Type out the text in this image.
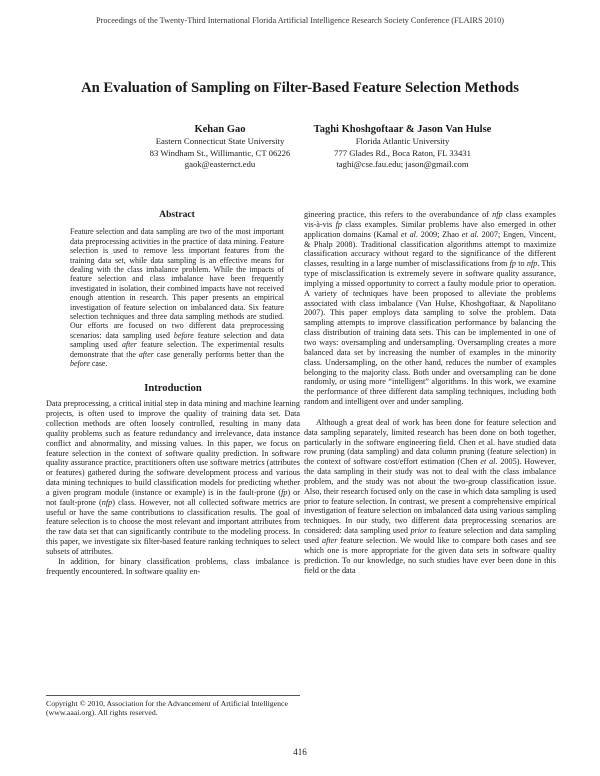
Proceedings of the Twenty-Third International Florida Artificial Intelligence Research Society Conference (FLAIRS 2010)
An Evaluation of Sampling on Filter-Based Feature Selection Methods
Kehan Gao
Eastern Connecticut State University
83 Windham St., Willimantic, CT 06226
gaok@easternct.edu
Taghi Khoshgoftaar & Jason Van Hulse
Florida Atlantic University
777 Glades Rd., Boca Raton, FL 33431
taghi@cse.fau.edu; jason@gmail.com
Abstract

Feature selection and data sampling are two of the most important data preprocessing activities in the practice of data mining. Feature selection is used to remove less important features from the training data set, while data sampling is an effective means for dealing with the class imbalance problem. While the impacts of feature selection and class imbalance have been frequently investigated in isolation, their combined impacts have not received enough attention in research. This paper presents an empirical investigation of feature selection on imbalanced data. Six feature selection techniques and three data sampling methods are studied. Our efforts are focused on two different data preprocessing scenarios: data sampling used before feature selection and data sampling used after feature selection. The experimental results demonstrate that the after case generally performs better than the before case.

Introduction

Data preprocessing, a critical initial step in data mining and machine learning projects, is often used to improve the quality of training data set. Data collection methods are often loosely controlled, resulting in many data quality problems such as feature redundancy and irrelevance, data instance conflict and abnormality, and missing values. In this paper, we focus on feature selection in the context of software quality prediction. In software quality assurance practice, practitioners often use software metrics (attributes or features) gathered during the software development process and various data mining techniques to build classification models for predicting whether a given program module (instance or example) is in the fault-prone (fp) or not fault-prone (nfp) class. However, not all collected software metrics are useful or have the same contributions to classification results. The goal of feature selection is to choose the most relevant and important attributes from the raw data set that can significantly contribute to the modeling process. In this paper, we investigate six filter-based feature ranking techniques to select subsets of attributes.

In addition, for binary classification problems, class imbalance is frequently encountered. In software quality en-

gineering practice, this refers to the overabundance of nfp class examples vis-à-vis fp class examples. Similar problems have also emerged in other application domains (Kamal et al. 2009; Zhao et al. 2007; Engen, Vincent, & Phalp 2008). Traditional classification algorithms attempt to maximize classification accuracy without regard to the significance of the different classes, resulting in a large number of misclassifications from fp to nfp. This type of misclassification is extremely severe in software quality assurance, implying a missed opportunity to correct a faulty module prior to operation. A variety of techniques have been proposed to alleviate the problems associated with class imbalance (Van Hulse, Khoshgoftaar, & Napolitano 2007). This paper employs data sampling to solve the problem. Data sampling attempts to improve classification performance by balancing the class distribution of training data sets. This can be implemented in one of two ways: oversampling and undersampling. Oversampling creates a more balanced data set by increasing the number of examples in the minority class. Undersampling, on the other hand, reduces the number of examples belonging to the majority class. Both under and oversampling can be done randomly, or using more “intelligent” algorithms. In this work, we examine the performance of three different data sampling techniques, including both random and intelligent over and under sampling.

Although a great deal of work has been done for feature selection and data sampling separately, limited research has been done on both together, particularly in the software engineering field. Chen et al. have studied data row pruning (data sampling) and data column pruning (feature selection) in the context of software cost/effort estimation (Chen et al. 2005). However, the data sampling in their study was not to deal with the class imbalance problem, and the study was not about the two-group classification issue. Also, their research focused only on the case in which data sampling is used prior to feature selection. In contrast, we present a comprehensive empirical investigation of feature selection on imbalanced data using various sampling techniques. In our study, two different data preprocessing scenarios are considered: data sampling used prior to feature selection and data sampling used after feature selection. We would like to compare both cases and see which one is more appropriate for the given data sets in software quality prediction. To our knowledge, no such studies have ever been done in this field or the data

Copyright © 2010, Association for the Advancement of Artificial Intelligence (www.aaai.org). All rights reserved.
416
